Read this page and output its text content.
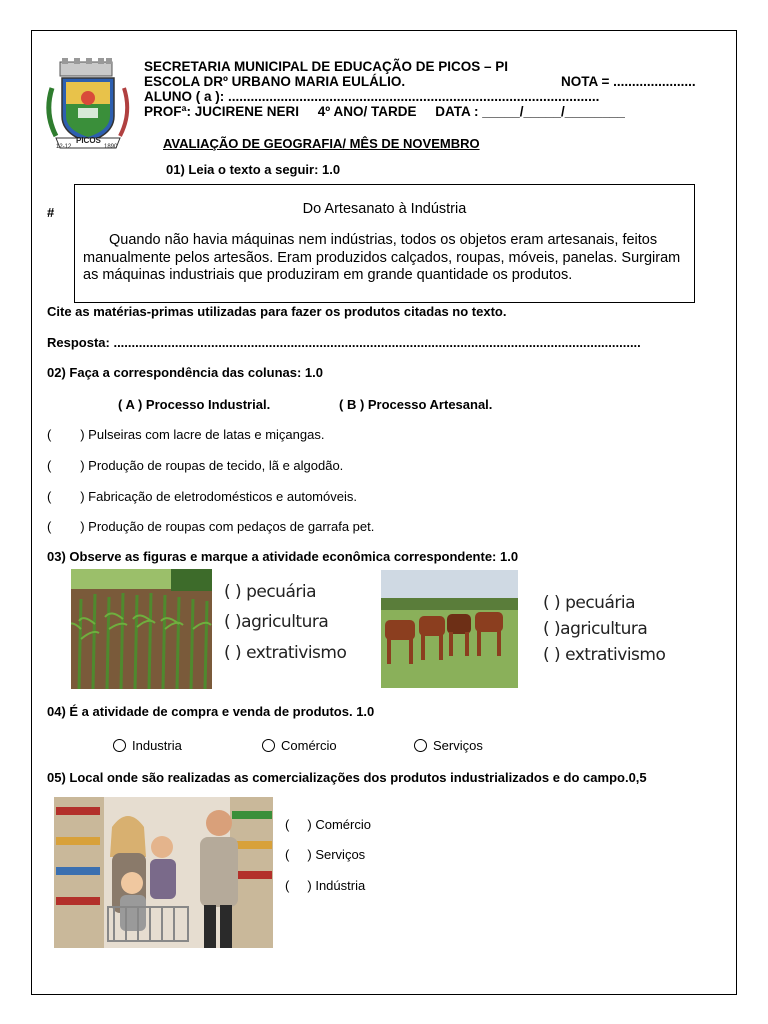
PICOS
12-12	1890
SECRETARIA MUNICIPAL DE EDUCAÇÃO DE PICOS – PI
ESCOLA DRº URBANO MARIA EULÁLIO.	NOTA = ......................
ALUNO ( a ): ...................................................................................................
PROFª: JUCIRENE NERI     4º ANO/ TARDE     DATA : _____/_____/________
AVALIAÇÃO DE GEOGRAFIA/ MÊS DE NOVEMBRO
01) Leia o texto a seguir: 1.0
#	Do Artesanato à Indústria
Quando não havia máquinas nem indústrias, todos os objetos eram artesanais, feitos manualmente pelos artesãos. Eram produzidos calçados, roupas, móveis, panelas. Surgiram as máquinas industriais que produziram em grande quantidade os produtos.
Cite as matérias-primas utilizadas para fazer os produtos citadas no texto.
Resposta: ..................................................................................................................................................
02) Faça a correspondência das colunas: 1.0
( A ) Processo Industrial.	( B ) Processo Artesanal.
(        ) Pulseiras com lacre de latas e miçangas.
(        ) Produção de roupas de tecido, lã e algodão.
(        ) Fabricação de eletrodomésticos e automóveis.
(        ) Produção de roupas com pedaços de garrafa pet.
03) Observe as figuras e marque a atividade econômica correspondente: 1.0
( ) pecuária
( )agricultura
( ) extrativismo
( ) pecuária
( )agricultura
( ) extrativismo
04) É a atividade de compra e venda de produtos. 1.0
Industria	Comércio	Serviços
05) Local onde são realizadas as comercializações dos produtos industrializados e do campo.0,5
(     ) Comércio
(     ) Serviços
(     ) Indústria
